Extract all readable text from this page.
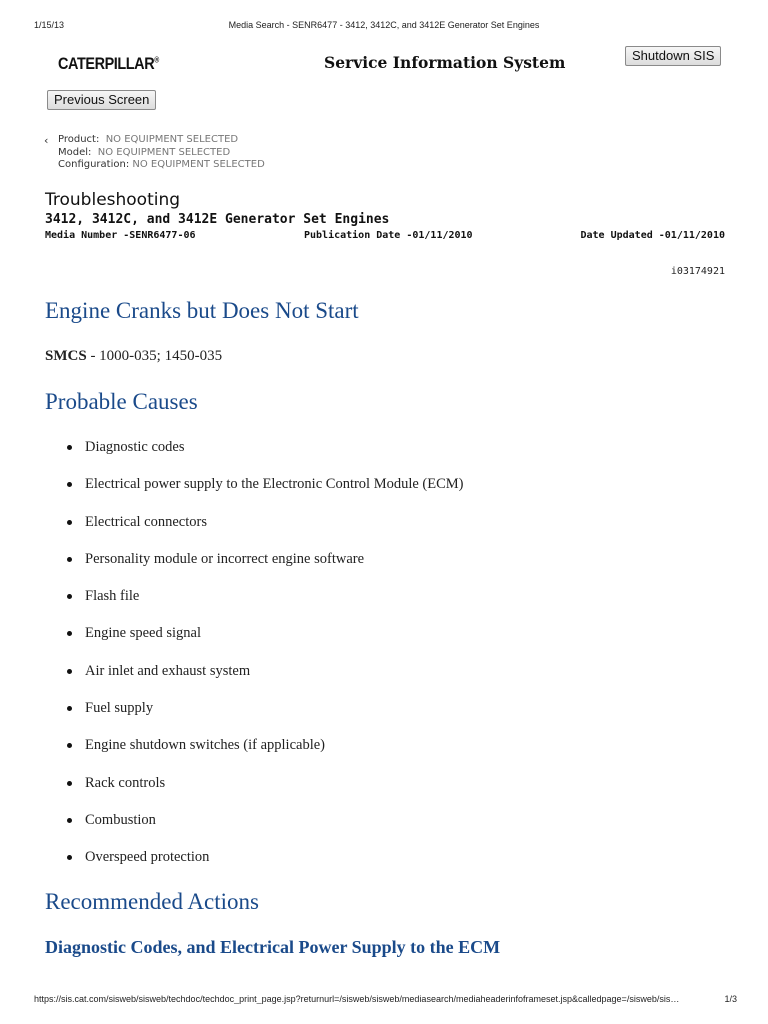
1/15/13	Media Search - SENR6477 - 3412, 3412C, and 3412E Generator Set Engines
CATERPILLAR®	Service Information System	Shutdown SIS
Previous Screen
‹ Product: NO EQUIPMENT SELECTED
Model: NO EQUIPMENT SELECTED
Configuration: NO EQUIPMENT SELECTED
Troubleshooting
3412, 3412C, and 3412E Generator Set Engines
Media Number -SENR6477-06	Publication Date -01/11/2010	Date Updated -01/11/2010
i03174921
Engine Cranks but Does Not Start
SMCS - 1000-035; 1450-035
Probable Causes
Diagnostic codes
Electrical power supply to the Electronic Control Module (ECM)
Electrical connectors
Personality module or incorrect engine software
Flash file
Engine speed signal
Air inlet and exhaust system
Fuel supply
Engine shutdown switches (if applicable)
Rack controls
Combustion
Overspeed protection
Recommended Actions
Diagnostic Codes, and Electrical Power Supply to the ECM
https://sis.cat.com/sisweb/sisweb/techdoc/techdoc_print_page.jsp?returnurl=/sisweb/sisweb/mediasearch/mediaheaderinfoframeset.jsp&calledpage=/sisweb/sis…	1/3
